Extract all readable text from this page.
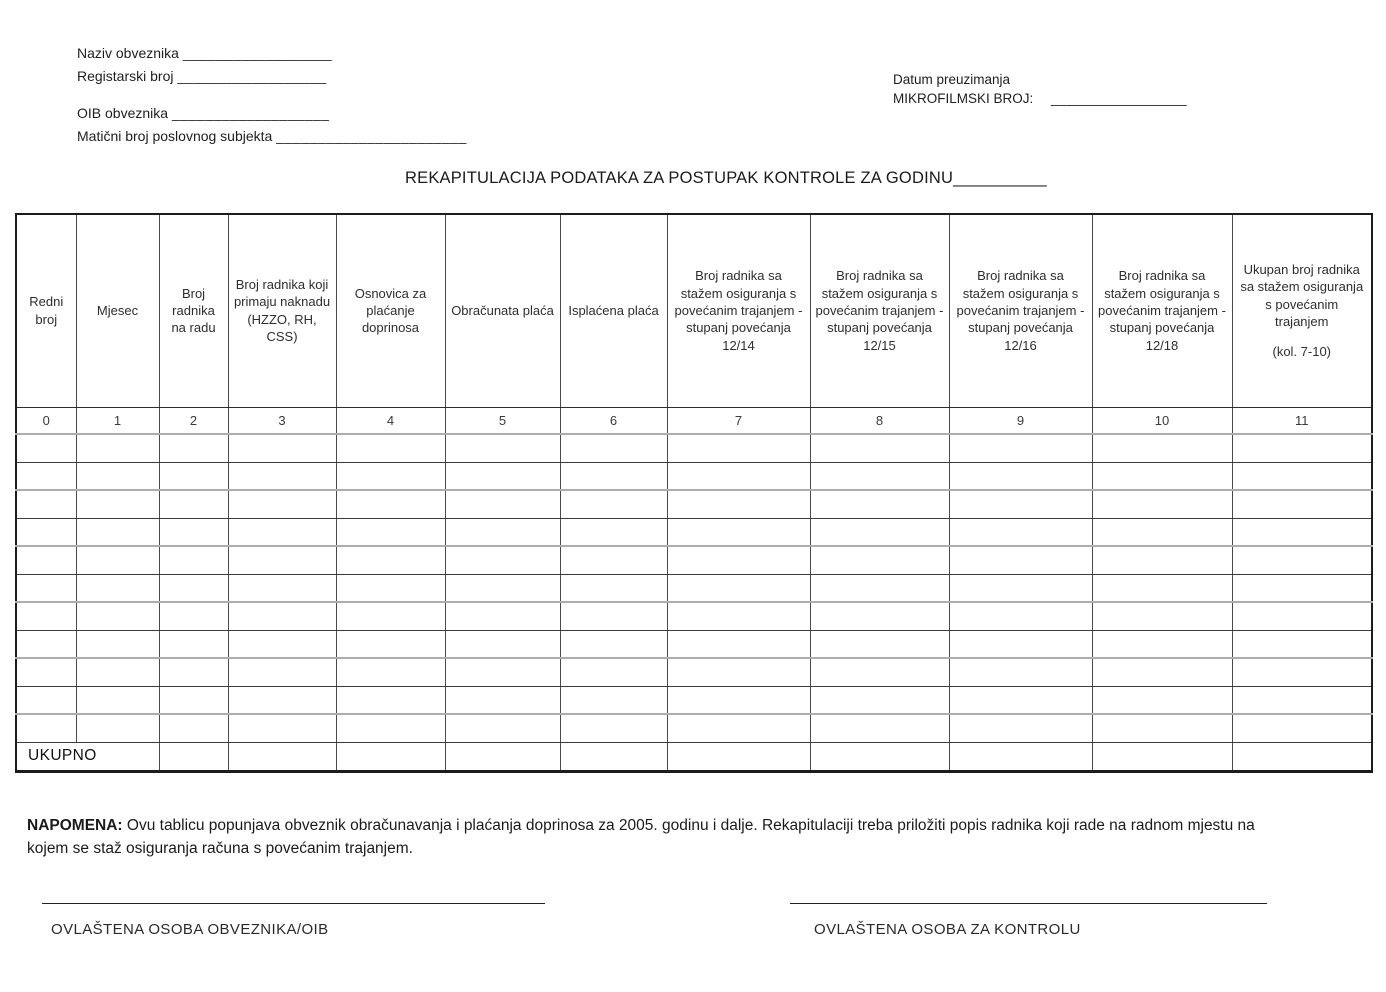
Naziv obveznika __________________
Registarski broj __________________
OIB obveznika ___________________
Matični broj poslovnog subjekta _______________________
Datum preuzimanja
MIKROFILMSKI BROJ: _________________
REKAPITULACIJA PODATAKA ZA POSTUPAK KONTROLE ZA GODINU__________
Redni broj	Mjesec	Broj radnika na radu	Broj radnika koji primaju naknadu (HZZO, RH, CSS)	Osnovica za plaćanje doprinosa	Obračunata plaća	Isplaćena plaća	Broj radnika sa stažem osiguranja s povećanim trajanjem - stupanj povećanja 12/14	Broj radnika sa stažem osiguranja s povećanim trajanjem - stupanj povećanja 12/15	Broj radnika sa stažem osiguranja s povećanim trajanjem - stupanj povećanja 12/16	Broj radnika sa stažem osiguranja s povećanim trajanjem - stupanj povećanja 12/18	Ukupan broj radnika sa stažem osiguranja s povećanim trajanjem
(kol. 7-10)

0	1	2	3	4	5	6	7	8	9	10	11

UKUPNO											
NAPOMENA: Ovu tablicu popunjava obveznik obračunavanja i plaćanja doprinosa za 2005. godinu i dalje. Rekapitulaciji treba priložiti popis radnika koji rade na radnom mjestu na kojem se staž osiguranja računa s povećanim trajanjem.
OVLAŠTENA OSOBA OBVEZNIKA/OIB	OVLAŠTENA OSOBA ZA KONTROLU
